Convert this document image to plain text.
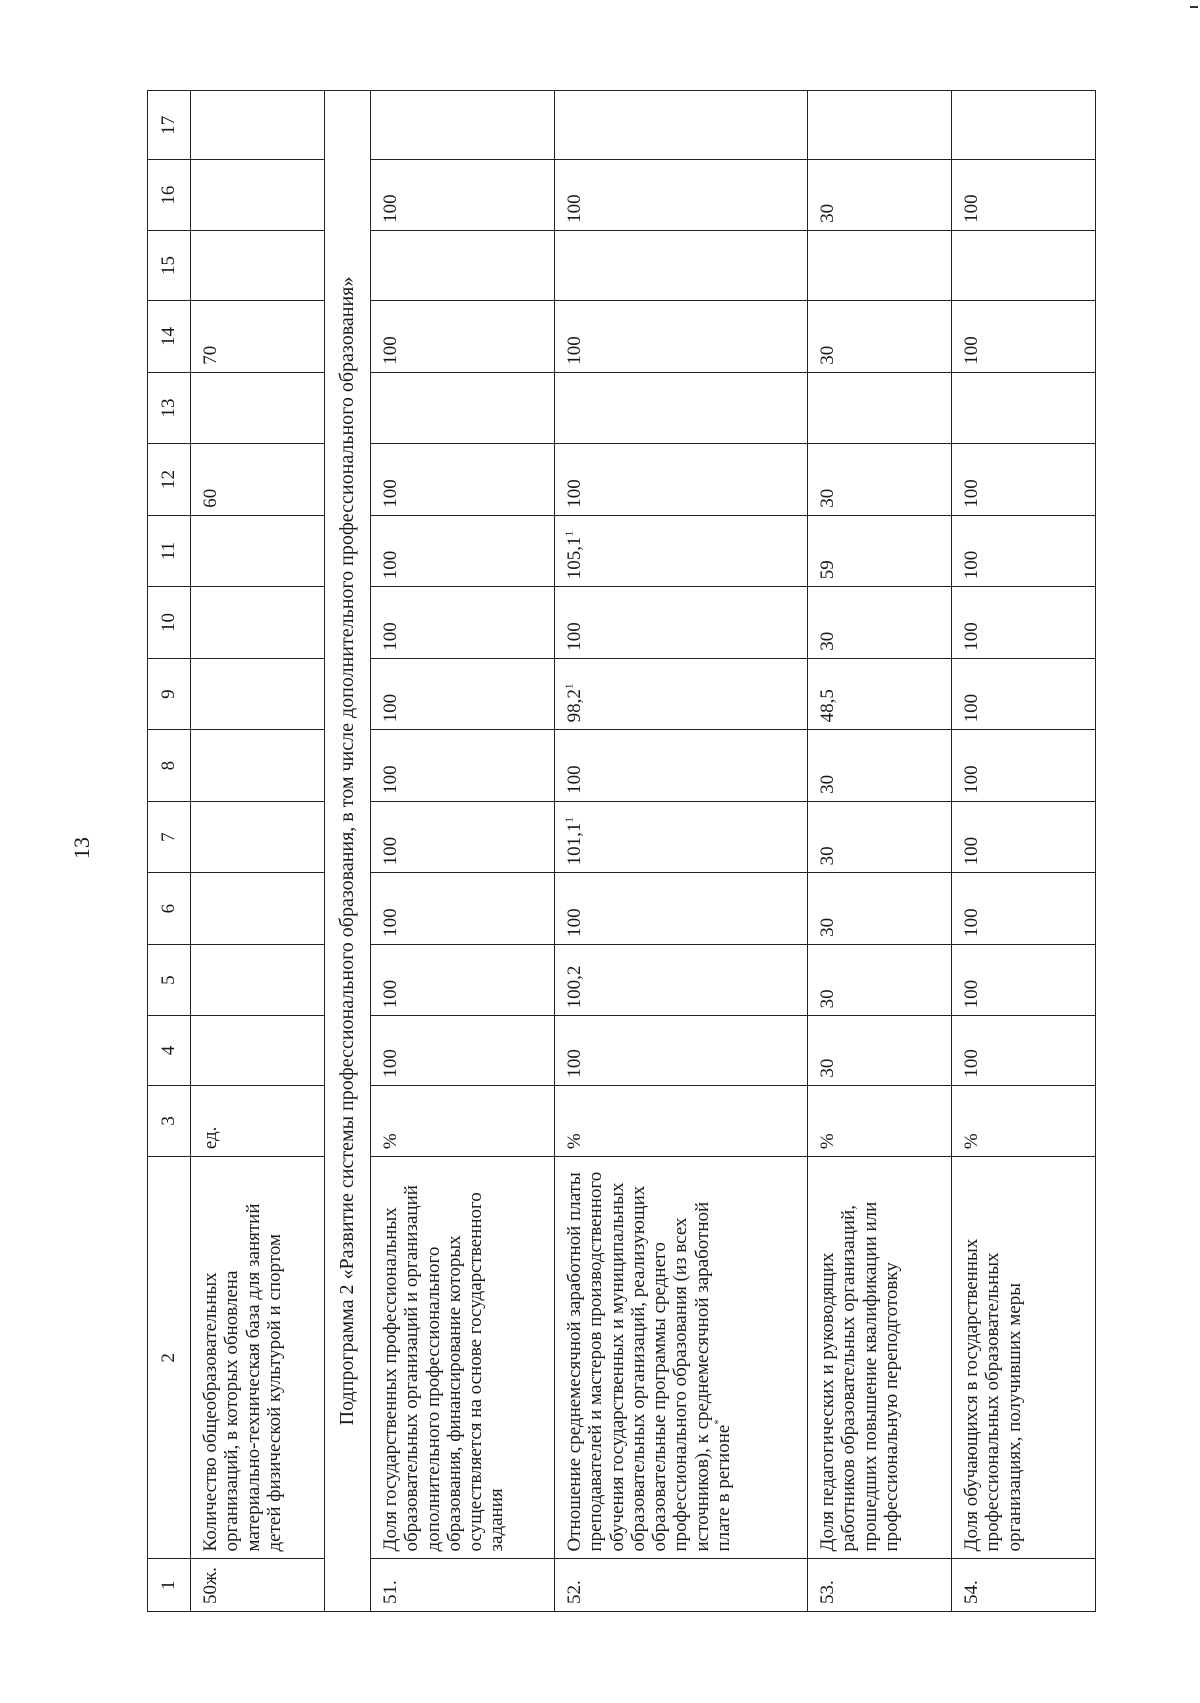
13
1	2	3	4	5	6	7	8	9	10	11	12	13	14	15	16	17
50ж.	Количество общеобразовательных организаций, в которых обновлена материально-техническая база для занятий детей физической культурой и спортом	ед.									60		70			
Подпрограмма 2 «Развитие системы профессионального образования, в том числе дополнительного профессионального образования»																
51.	Доля государственных профессиональных образовательных организаций и организаций дополнительного профессионального образования, финансирование которых осуществляется на основе государственного задания	%	100	100	100	100	100	100	100	100	100		100		100	
52.	Отношение среднемесячной заработной платы преподавателей и мастеров производственного обучения государственных и муниципальных образовательных организаций, реализующих образовательные программы среднего профессионального образования (из всех источников), к среднемесячной заработной плате в регионе*	%	100	100,2	100	101,1$^1$	100	98,2$^1$	100	105,1$^1$	100		100		100	
53.	Доля педагогических и руководящих работников образовательных организаций, прошедших повышение квалификации или профессиональную переподготовку	%	30	30	30	30	30	48,5	30	59	30		30		30	
54.	Доля обучающихся в государственных профессиональных образовательных организациях, получивших меры	%	100	100	100	100	100	100	100	100	100		100		100	
